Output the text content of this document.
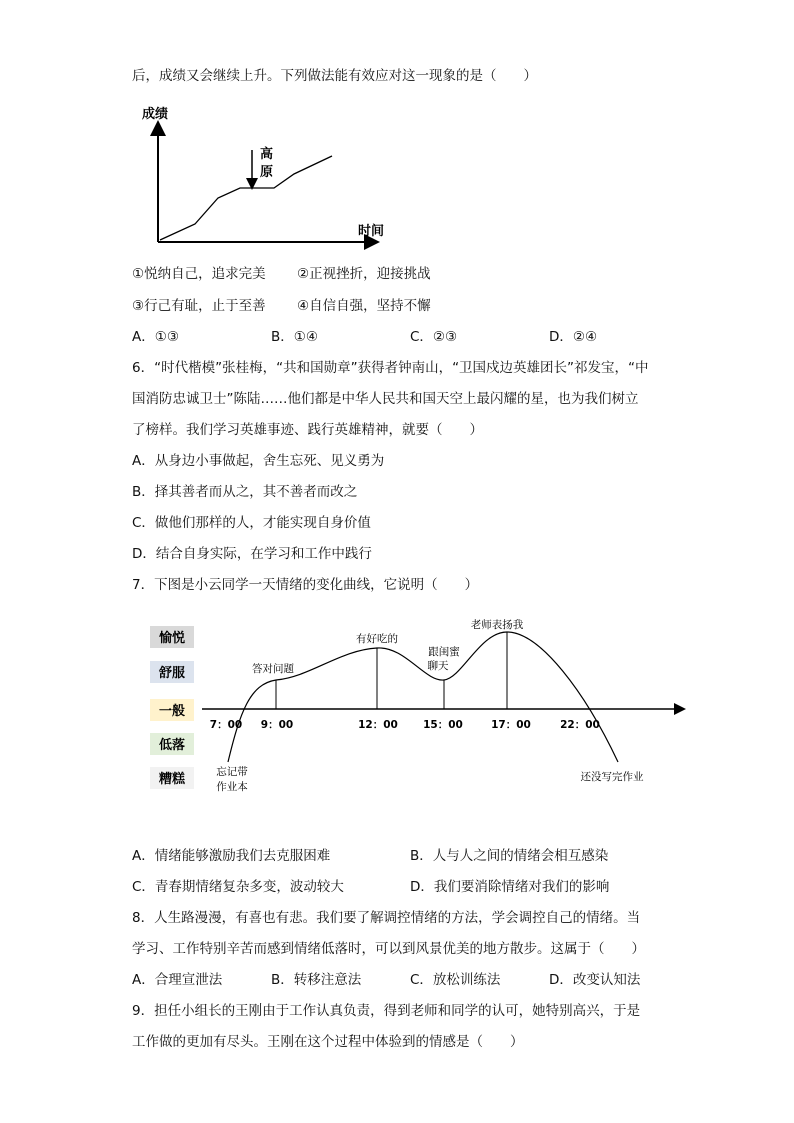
后，成绩又会继续上升。下列做法能有效应对这一现象的是（　　）
成绩
时间
高
原
①悦纳自己，追求完美 ②正视挫折，迎接挑战
③行己有耻，止于至善 ④自信自强，坚持不懈
A．①③	B．①④	C．②③	D．②④
6．“时代楷模”张桂梅，“共和国勋章”获得者钟南山，“卫国戍边英雄团长”祁发宝，“中
国消防忠诚卫士”陈陆……他们都是中华人民共和国天空上最闪耀的星，也为我们树立
了榜样。我们学习英雄事迹、践行英雄精神，就要（　　）
A．从身边小事做起，舍生忘死、见义勇为
B．择其善者而从之，其不善者而改之
C．做他们那样的人，才能实现自身价值
D．结合自身实际，在学习和工作中践行
7．下图是小云同学一天情绪的变化曲线，它说明（　　）
愉悦
舒服
一般
低落
糟糕
7：00 9：00	12：00 15：00	17：00	22：00
忘记带
作业本
答对问题
有好吃的
跟闺蜜
聊天
老师表扬我
还没写完作业
A．情绪能够激励我们去克服困难	B．人与人之间的情绪会相互感染
C．青春期情绪复杂多变，波动较大	D．我们要消除情绪对我们的影响
8．人生路漫漫，有喜也有悲。我们要了解调控情绪的方法，学会调控自己的情绪。当
学习、工作特别辛苦而感到情绪低落时，可以到风景优美的地方散步。这属于（　　）
A．合理宣泄法	B．转移注意法	C．放松训练法	D．改变认知法
9．担任小组长的王刚由于工作认真负责，得到老师和同学的认可，她特别高兴，于是
工作做的更加有尽头。王刚在这个过程中体验到的情感是（　　）
